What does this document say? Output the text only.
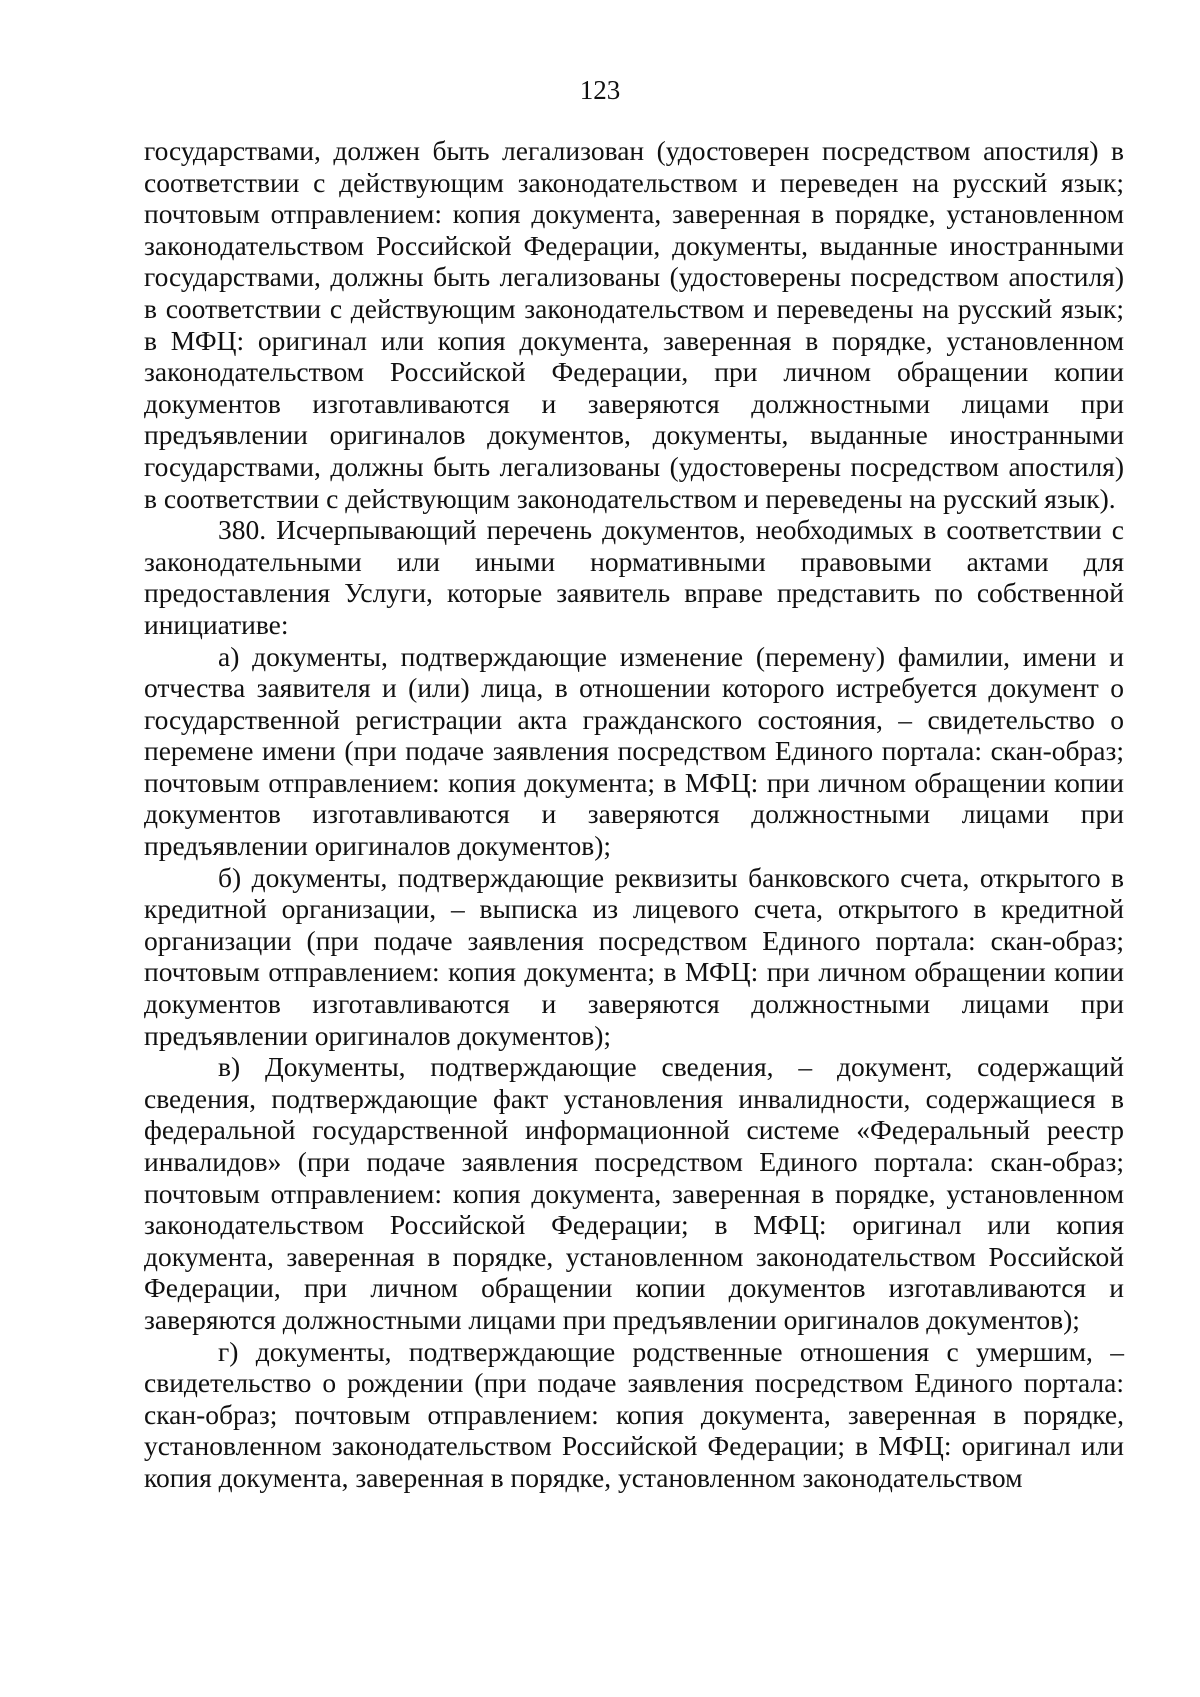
123

государствами, должен быть легализован (удостоверен посредством апостиля) в соответствии с действующим законодательством и переведен на русский язык; почтовым отправлением: копия документа, заверенная в порядке, установленном законодательством Российской Федерации, документы, выданные иностранными государствами, должны быть легализованы (удостоверены посредством апостиля) в соответствии с действующим законодательством и переведены на русский язык; в МФЦ: оригинал или копия документа, заверенная в порядке, установленном законодательством Российской Федерации, при личном обращении копии документов изготавливаются и заверяются должностными лицами при предъявлении оригиналов документов, документы, выданные иностранными государствами, должны быть легализованы (удостоверены посредством апостиля) в соответствии с действующим законодательством и переведены на русский язык).

380. Исчерпывающий перечень документов, необходимых в соответствии с законодательными или иными нормативными правовыми актами для предоставления Услуги, которые заявитель вправе представить по собственной инициативе:

а) документы, подтверждающие изменение (перемену) фамилии, имени и отчества заявителя и (или) лица, в отношении которого истребуется документ о государственной регистрации акта гражданского состояния, – свидетельство о перемене имени (при подаче заявления посредством Единого портала: скан-образ; почтовым отправлением: копия документа; в МФЦ: при личном обращении копии документов изготавливаются и заверяются должностными лицами при предъявлении оригиналов документов);

б) документы, подтверждающие реквизиты банковского счета, открытого в кредитной организации, – выписка из лицевого счета, открытого в кредитной организации (при подаче заявления посредством Единого портала: скан-образ; почтовым отправлением: копия документа; в МФЦ: при личном обращении копии документов изготавливаются и заверяются должностными лицами при предъявлении оригиналов документов);

в) Документы, подтверждающие сведения, – документ, содержащий сведения, подтверждающие факт установления инвалидности, содержащиеся в федеральной государственной информационной системе «Федеральный реестр инвалидов» (при подаче заявления посредством Единого портала: скан-образ; почтовым отправлением: копия документа, заверенная в порядке, установленном законодательством Российской Федерации; в МФЦ: оригинал или копия документа, заверенная в порядке, установленном законодательством Российской Федерации, при личном обращении копии документов изготавливаются и заверяются должностными лицами при предъявлении оригиналов документов);

г) документы, подтверждающие родственные отношения с умершим, – свидетельство о рождении (при подаче заявления посредством Единого портала: скан-образ; почтовым отправлением: копия документа, заверенная в порядке, установленном законодательством Российской Федерации; в МФЦ: оригинал или копия документа, заверенная в порядке, установленном законодательством
